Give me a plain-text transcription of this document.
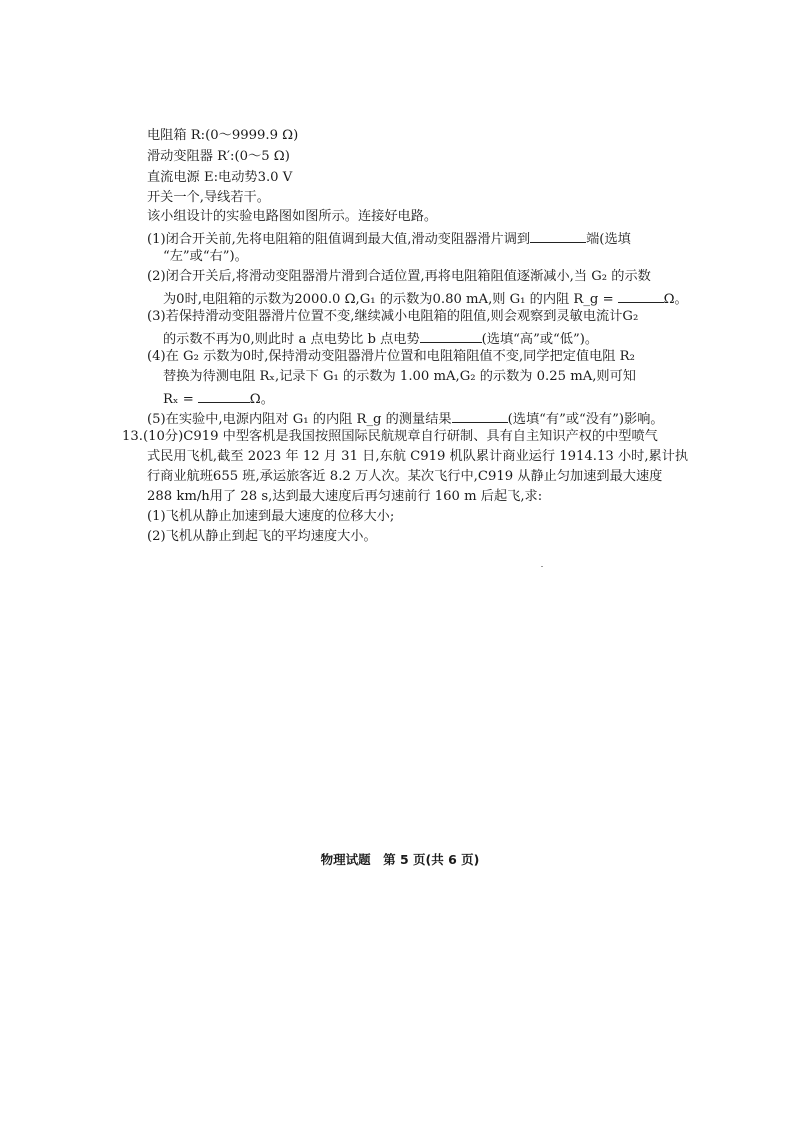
电阻箱 R:(0～9999.9 Ω)
滑动变阻器 R′:(0～5 Ω)
直流电源 E:电动势3.0 V
开关一个,导线若干。
该小组设计的实验电路图如图所示。连接好电路。
(1)闭合开关前,先将电阻箱的阻值调到最大值,滑动变阻器滑片调到	端(选填
“左”或“右”)。
(2)闭合开关后,将滑动变阻器滑片滑到合适位置,再将电阻箱阻值逐渐减小,当 G₂ 的示数
为0时,电阻箱的示数为2000.0 Ω,G₁ 的示数为0.80 mA,则 G₁ 的内阻 R_g =	Ω。
(3)若保持滑动变阻器滑片位置不变,继续减小电阻箱的阻值,则会观察到灵敏电流计G₂
的示数不再为0,则此时 a 点电势比 b 点电势	(选填“高”或“低”)。
(4)在 G₂ 示数为0时,保持滑动变阻器滑片位置和电阻箱阻值不变,同学把定值电阻 R₂
替换为待测电阻 Rₓ,记录下 G₁ 的示数为 1.00 mA,G₂ 的示数为 0.25 mA,则可知
Rₓ =	Ω。
(5)在实验中,电源内阻对 G₁ 的内阻 R_g 的测量结果	(选填“有”或“没有”)影响。
13.(10分)C919 中型客机是我国按照国际民航规章自行研制、具有自主知识产权的中型喷气
式民用飞机,截至 2023 年 12 月 31 日,东航 C919 机队累计商业运行 1914.13 小时,累计执
行商业航班655 班,承运旅客近 8.2 万人次。某次飞行中,C919 从静止匀加速到最大速度
288 km/h用了 28 s,达到最大速度后再匀速前行 160 m 后起飞,求:
(1)飞机从静止加速到最大速度的位移大小;
(2)飞机从静止到起飞的平均速度大小。
物理试题　第 5 页(共 6 页)
